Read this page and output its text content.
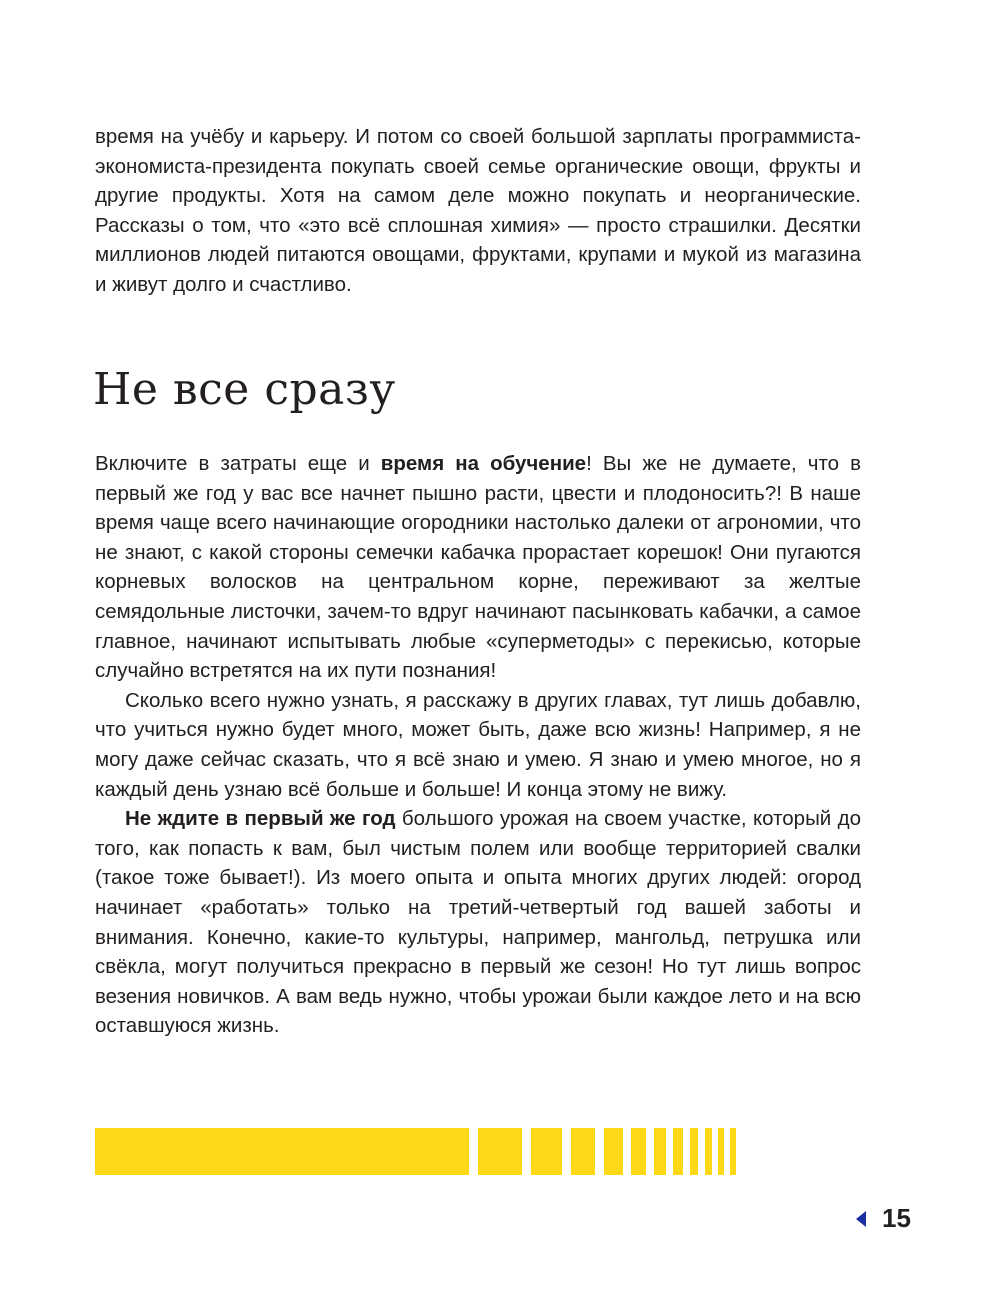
время на учёбу и карьеру. И потом со своей большой зарплаты программиста-экономиста-президента покупать своей семье органические овощи, фрукты и другие продукты. Хотя на самом деле можно покупать и неорганические. Рассказы о том, что «это всё сплошная химия» — просто страшилки. Десятки миллионов людей питаются овощами, фруктами, крупами и мукой из магазина и живут долго и счастливо.

Не все сразу

Включите в затраты еще и время на обучение! Вы же не думаете, что в первый же год у вас все начнет пышно расти, цвести и плодоносить?! В наше время чаще всего начинающие огородники настолько далеки от агрономии, что не знают, с какой стороны семечки кабачка прорастает корешок! Они пугаются корневых волосков на центральном корне, переживают за желтые семядольные листочки, зачем-то вдруг начинают пасынковать кабачки, а самое главное, начинают испытывать любые «суперметоды» с перекисью, которые случайно встретятся на их пути познания!

Сколько всего нужно узнать, я расскажу в других главах, тут лишь добавлю, что учиться нужно будет много, может быть, даже всю жизнь! Например, я не могу даже сейчас сказать, что я всё знаю и умею. Я знаю и умею многое, но я каждый день узнаю всё больше и больше! И конца этому не вижу.

Не ждите в первый же год большого урожая на своем участке, который до того, как попасть к вам, был чистым полем или вообще территорией свалки (такое тоже бывает!). Из моего опыта и опыта многих других людей: огород начинает «работать» только на третий-четвертый год вашей заботы и внимания. Конечно, какие-то культуры, например, мангольд, петрушка или свёкла, могут получиться прекрасно в первый же сезон! Но тут лишь вопрос везения новичков. А вам ведь нужно, чтобы урожаи были каждое лето и на всю оставшуюся жизнь.

15
